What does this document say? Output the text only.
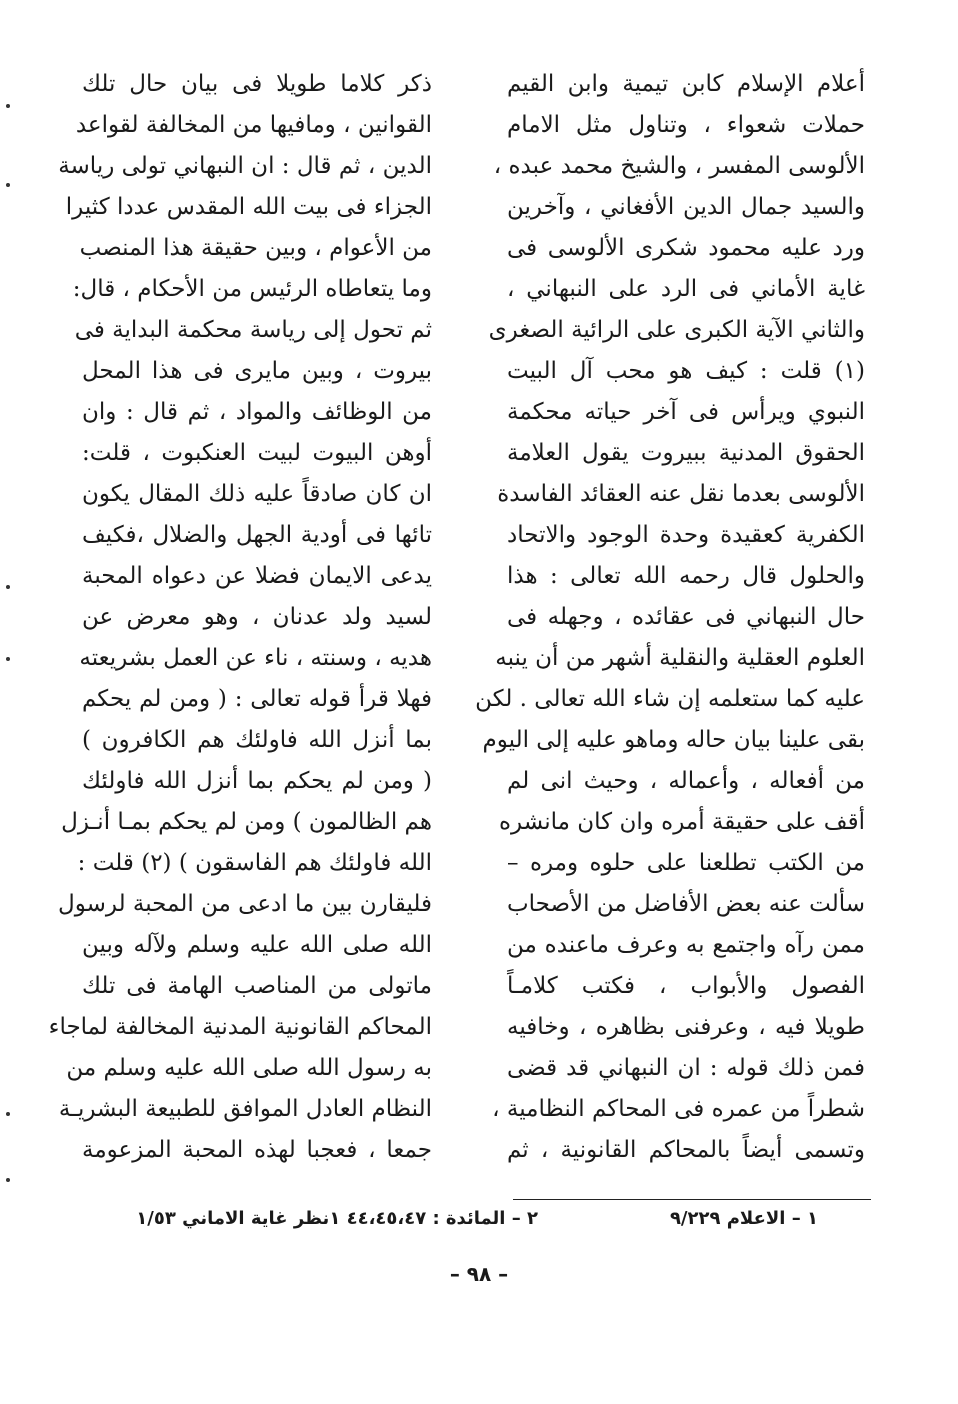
أعلام الإسلام كابن تيمية وابن القيم
حملات شعواء ، وتناول مثل الامام
الألوسى المفسر ، والشيخ محمد عبده ،
والسيد جمال الدين الأفغاني ، وآخرين
ورد عليه محمود شكرى الألوسى فى
غاية الأماني فى الرد على النبهاني ،
والثاني الآية الكبرى على الرائية الصغرى
(١) قلت : كيف هو محب آل البيت
النبوي ويرأس فى آخر حياته محكمة
الحقوق المدنية ببيروت يقول العلامة
الألوسى بعدما نقل عنه العقائد الفاسدة
الكفرية كعقيدة وحدة الوجود والاتحاد
والحلول قال رحمه الله تعالى : هذا
حال النبهاني فى عقائده ، وجهله فى
العلوم العقلية والنقلية أشهر من أن ينبه
عليه كما ستعلمه إن شاء الله تعالى . لكن
بقى علينا بيان حاله وماهو عليه إلى اليوم
من أفعاله ، وأعماله ، وحيث انى لم
أقف على حقيقة أمره وان كان مانشره
من الكتب تطلعنا على حلوه ومره –
سألت عنه بعض الأفاضل من الأصحاب
ممن رآه واجتمع به وعرف ماعنده من
الفصول والأبواب ، فكتب كلامـاً
طويلا فيه ، وعرفنى بظاهره ، وخافيه
فمن ذلك قوله : ان النبهاني قد قضى
شطراً من عمره فى المحاكم النظامية ،
وتسمى أيضاً بالمحاكم القانونية ، ثم
ذكر كلاما طويلا فى بيان حال تلك
القوانين ، ومافيها من المخالفة لقواعد
الدين ، ثم قال : ان النبهاني تولى رياسة
الجزاء فى بيت الله المقدس عددا كثيرا
من الأعوام ، وبين حقيقة هذا المنصب
وما يتعاطاه الرئيس من الأحكام ، قال:
ثم تحول إلى رياسة محكمة البداية فى
بيروت ، وبين مايرى فى هذا المحل
من الوظائف والمواد ، ثم قال : وان
أوهن البيوت لبيت العنكبوت ، قلت:
ان كان صادقاً عليه ذلك المقال يكون
تائها فى أودية الجهل والضلال ،فكيف
يدعى الايمان فضلا عن دعواه المحبة
لسيد ولد عدنان ، وهو معرض عن
هديه ، وسنته ، ناء عن العمل بشريعته
فهلا قرأ قوله تعالى : ( ومن لم يحكم
بما أنزل الله فاولئك هم الكافرون )
( ومن لم يحكم بما أنزل الله فاولئك
هم الظالمون ) ومن لم يحكم بمـا أنـزل
الله فاولئك هم الفاسقون ) (٢) قلت :
فليقارن بين ما ادعى من المحبة لرسول
الله صلى الله عليه وسلم ولآله وبين
ماتولى من المناصب الهامة فى تلك
المحاكم القانونية المدنية المخالفة لماجاء
به رسول الله صلى الله عليه وسلم من
النظام العادل الموافق للطبيعة البشريـة
جمعا ، فعجبا لهذه المحبة المزعومة
١ – الاعلام ٩/٢٢٩
٢ – المائدة : ٤٤،٤٥،٤٧ ١نظر غاية الاماني ١/٥٣
– ٩٨ –
